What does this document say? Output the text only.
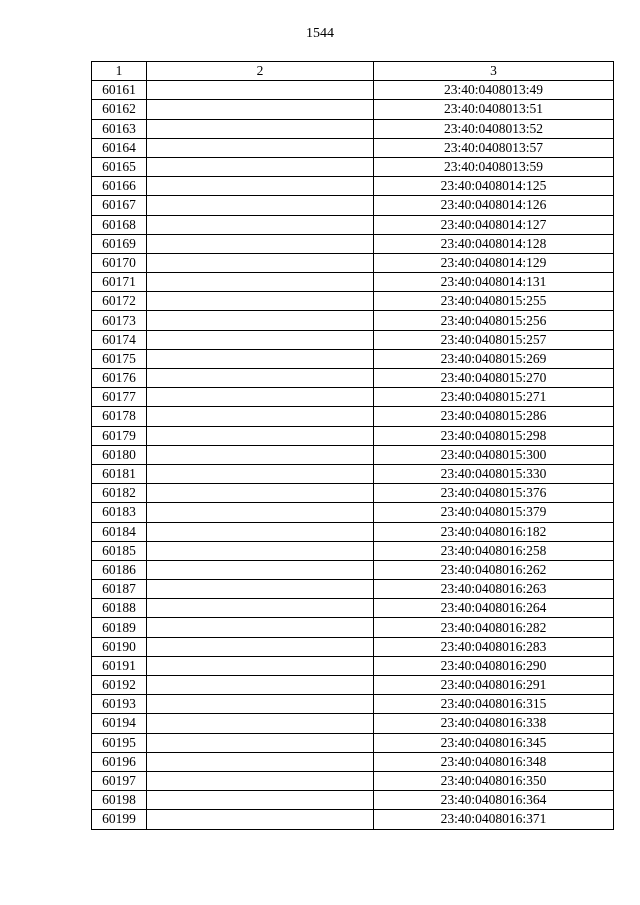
1544
1	2	3
60161		23:40:0408013:49
60162		23:40:0408013:51
60163		23:40:0408013:52
60164		23:40:0408013:57
60165		23:40:0408013:59
60166		23:40:0408014:125
60167		23:40:0408014:126
60168		23:40:0408014:127
60169		23:40:0408014:128
60170		23:40:0408014:129
60171		23:40:0408014:131
60172		23:40:0408015:255
60173		23:40:0408015:256
60174		23:40:0408015:257
60175		23:40:0408015:269
60176		23:40:0408015:270
60177		23:40:0408015:271
60178		23:40:0408015:286
60179		23:40:0408015:298
60180		23:40:0408015:300
60181		23:40:0408015:330
60182		23:40:0408015:376
60183		23:40:0408015:379
60184		23:40:0408016:182
60185		23:40:0408016:258
60186		23:40:0408016:262
60187		23:40:0408016:263
60188		23:40:0408016:264
60189		23:40:0408016:282
60190		23:40:0408016:283
60191		23:40:0408016:290
60192		23:40:0408016:291
60193		23:40:0408016:315
60194		23:40:0408016:338
60195		23:40:0408016:345
60196		23:40:0408016:348
60197		23:40:0408016:350
60198		23:40:0408016:364
60199		23:40:0408016:371
